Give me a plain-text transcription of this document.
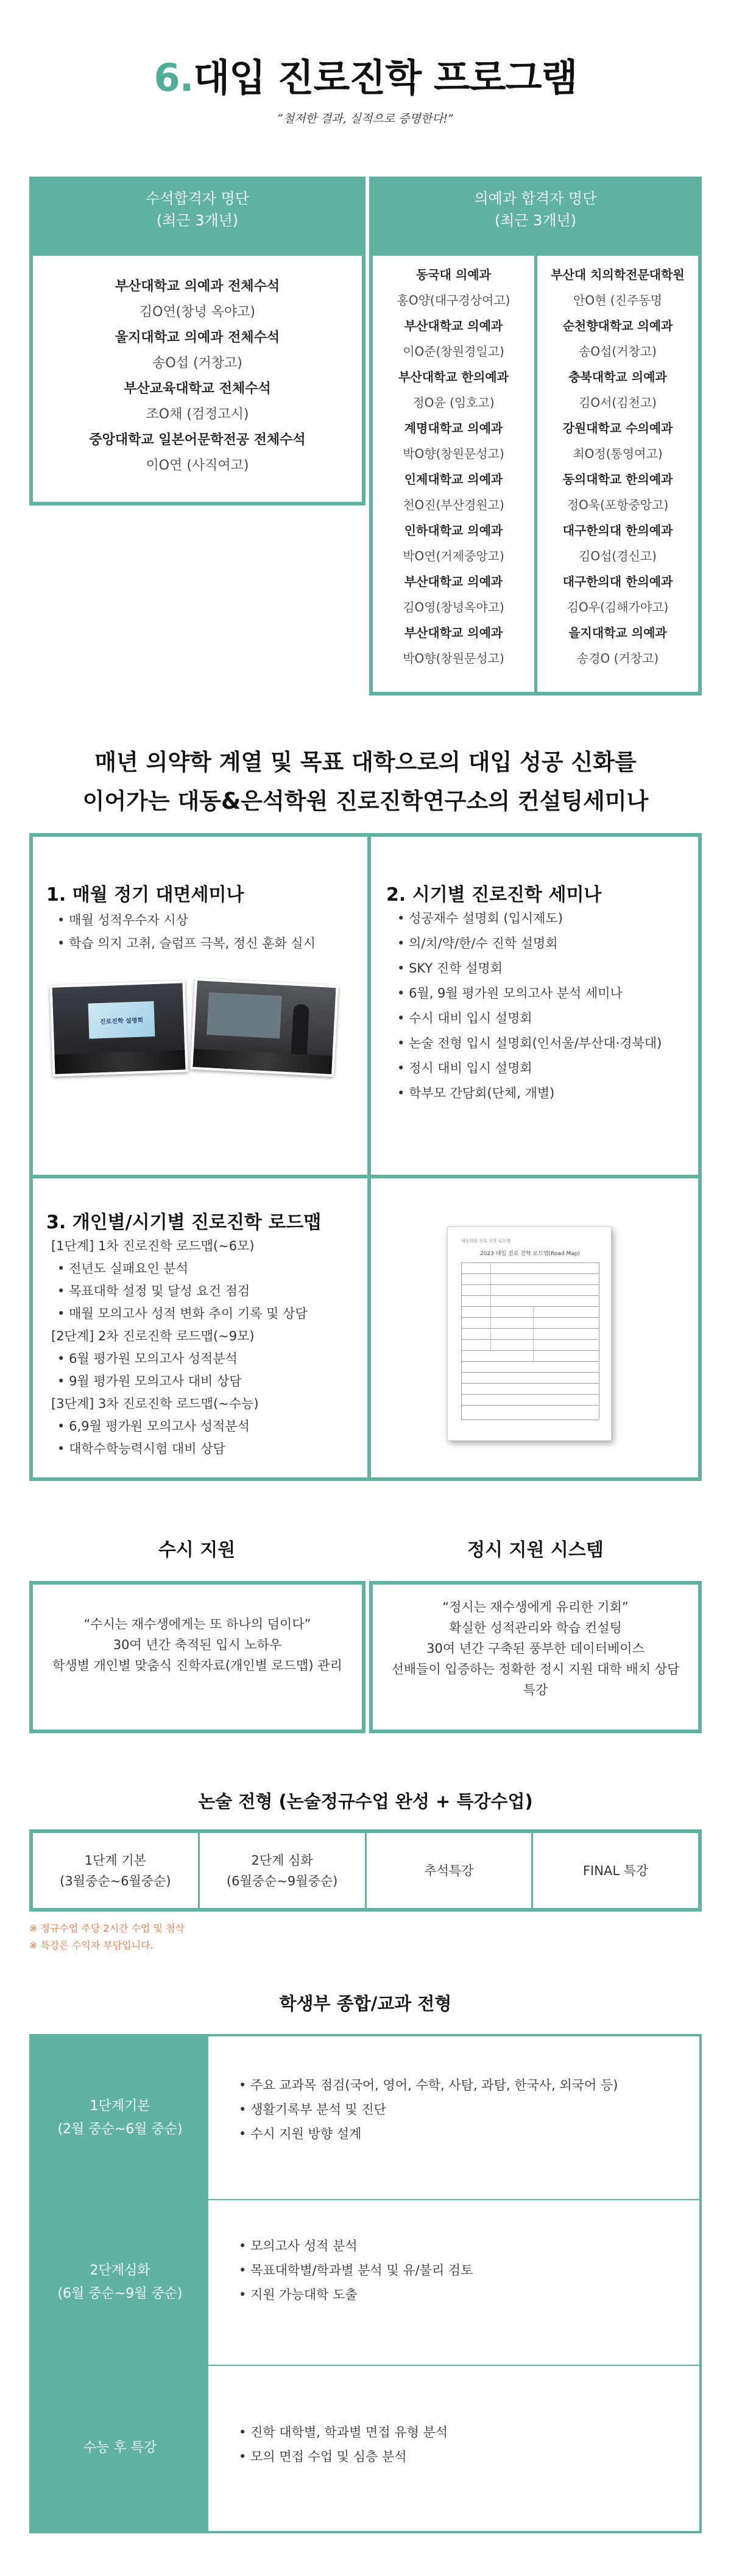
6.대입 진로진학 프로그램
“철저한 결과, 실적으로 증명한다!”
수석합격자 명단
(최근 3개년)
의예과 합격자 명단
(최근 3개년)
부산대학교 의예과 전체수석
김O연(창녕 옥야고)
울지대학교 의예과 전체수석
송O섭 (거창고)
부산교육대학교 전체수석
조O채 (검정고시)
중앙대학교 일본어문학전공 전체수석
이O연 (사직여고)
동국대 의예과
홍O양(대구경상여고)
부산대학교 의예과
이O준(창원경일고)
부산대학교 한의예과
정O윤 (임호고)
계명대학교 의예과
박O향(창원문성고)
인제대학교 의예과
천O진(부산경원고)
인하대학교 의예과
박O연(거제중앙고)
부산대학교 의예과
김O영(창녕옥야고)
부산대학교 의예과
박O향(창원문성고)
부산대 치의학전문대학원
안O현 (진주동명
순천향대학교 의예과
송O섭(거창고)
충북대학교 의예과
김O서(김천고)
강원대학교 수의예과
최O정(통영여고)
동의대학교 한의예과
정O욱(포항중앙고)
대구한의대 한의예과
김O섭(경신고)
대구한의대 한의예과
김O우(김해가야고)
을지대학교 의예과
송경O (거창고)
매년 의약학 계열 및 목표 대학으로의 대입 성공 신화를
이어가는 대동&은석학원 진로진학연구소의 컨설팅세미나
1. 매월 정기 대면세미나
• 매월 성적우수자 시상
• 학습 의지 고취, 슬럼프 극복, 정신 훈화 실시
진로진학 설명회
2. 시기별 진로진학 세미나
• 성공재수 설명회 (입시제도)
• 의/치/약/한/수 진학 설명회
• SKY 진학 설명회
• 6월, 9월 평가원 모의고사 분석 세미나
• 수시 대비 입시 설명회
• 논술 전형 입시 설명회(인서울/부산대·경북대)
• 정시 대비 입시 설명회
• 학부모 간담회(단체, 개별)
3. 개인별/시기별 진로진학 로드맵
[1단계] 1차 진로진학 로드맵(~6모)
• 전년도 실패요인 분석
• 목표대학 설정 및 달성 요건 점검
• 매월 모의고사 성적 변화 추이 기록 및 상담
[2단계] 2차 진로진학 로드맵(~9모)
• 6월 평가원 모의고사 성적분석
• 9월 평가원 모의고사 대비 상담
[3단계] 3차 진로진학 로드맵(~수능)
• 6,9월 평가원 모의고사 성적분석
• 대학수학능력시험 대비 상담
대동학원 진로 진학 로드맵
2023 대입 진로 진학 로드맵(Road Map)
수시 지원	정시 지원 시스템
“수시는 재수생에게는 또 하나의 덤이다”
30여 년간 축적된 입시 노하우
학생별 개인별 맞춤식 진학자료(개인별 로드맵) 관리
“정시는 재수생에게 유리한 기회”
확실한 성적관리와 학습 컨설팅
30여 년간 구축된 풍부한 데이터베이스
선배들이 입증하는 정확한 정시 지원 대학 배치 상담
특강
논술 전형 (논술정규수업 완성 + 특강수업)
1단계 기본
(3월중순~6월중순)
2단계 심화
(6월중순~9월중순)
추석특강	FINAL 특강
※ 정규수업 주당 2시간 수업 및 첨삭
※ 특강은 수익자 부담입니다.
학생부 종합/교과 전형
1단계기본
(2월 중순~6월 중순)
• 주요 교과목 점검(국어, 영어, 수학, 사탐, 과탐, 한국사, 외국어 등)
• 생활기록부 분석 및 진단
• 수시 지원 방향 설계
2단계심화
(6월 중순~9월 중순)
• 모의고사 성적 분석
• 목표대학별/학과별 분석 및 유/불리 검토
• 지원 가능대학 도출
수능 후 특강
• 진학 대학별, 학과별 면접 유형 분석
• 모의 면접 수업 및 심층 분석
